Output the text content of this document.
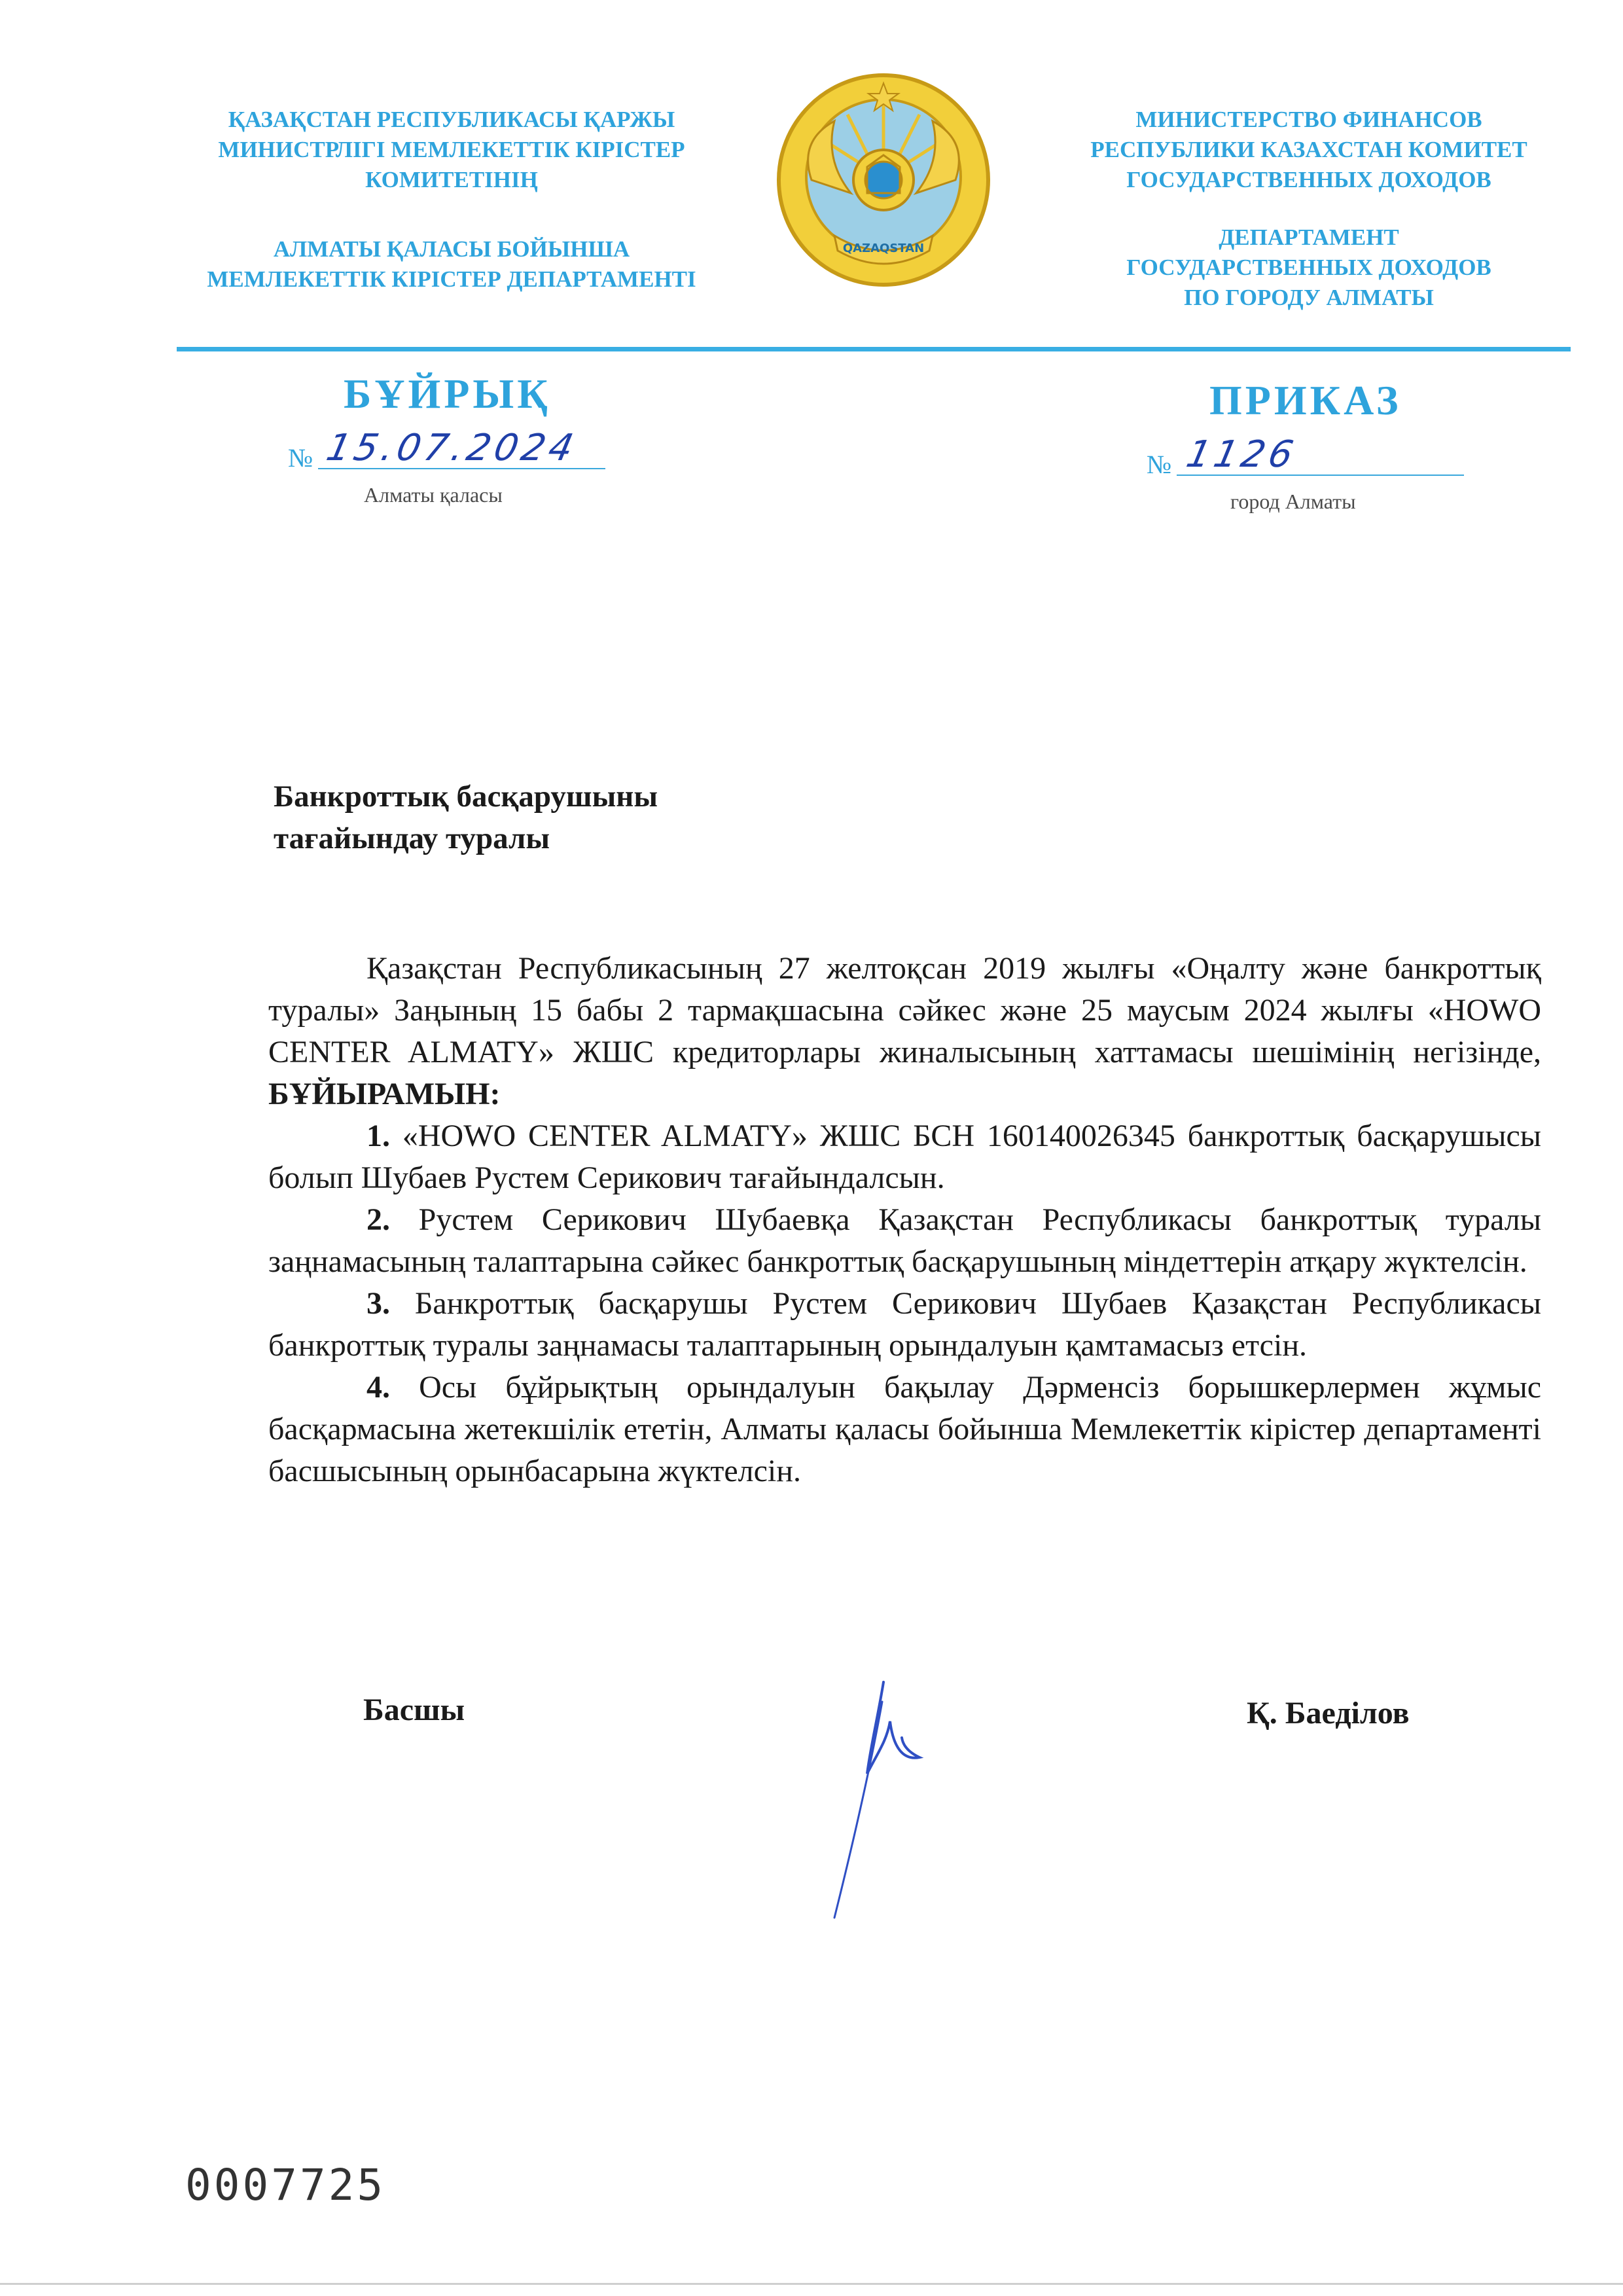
ҚАЗАҚСТАН РЕСПУБЛИКАСЫ ҚАРЖЫ
МИНИСТРЛІГІ МЕМЛЕКЕТТІК КІРІСТЕР
КОМИТЕТІНІҢ
АЛМАТЫ ҚАЛАСЫ БОЙЫНША
МЕМЛЕКЕТТІК КІРІСТЕР ДЕПАРТАМЕНТІ
МИНИСТЕРСТВО ФИНАНСОВ
РЕСПУБЛИКИ КАЗАХСТАН КОМИТЕТ
ГОСУДАРСТВЕННЫХ ДОХОДОВ
ДЕПАРТАМЕНТ
ГОСУДАРСТВЕННЫХ ДОХОДОВ
ПО ГОРОДУ АЛМАТЫ
QAZAQSTAN
БҰЙРЫҚ	ПРИКАЗ
№ 15.07.2024	№ 1126
Алматы қаласы	город Алматы
Банкроттық басқарушыны
тағайындау туралы

Қазақстан Республикасының 27 желтоқсан 2019 жылғы «Оңалту және банкроттық туралы» Заңының 15 бабы 2 тармақшасына сәйкес және 25 маусым 2024 жылғы «HOWO CENTER ALMATY» ЖШС кредиторлары жиналысының хаттамасы шешімінің негізінде, БҰЙЫРАМЫН:

1. «HOWO CENTER ALMATY» ЖШС БСН 160140026345 банкроттық басқарушысы болып Шубаев Рустем Серикович тағайындалсын.

2. Рустем Серикович Шубаевқа Қазақстан Республикасы банкроттық туралы заңнамасының талаптарына сәйкес банкроттық басқарушының міндеттерін атқару жүктелсін.

3. Банкроттық басқарушы Рустем Серикович Шубаев Қазақстан Республикасы банкроттық туралы заңнамасы талаптарының орындалуын қамтамасыз етсін.

4. Осы бұйрықтың орындалуын бақылау Дәрменсіз борышкерлермен жұмыс басқармасына жетекшілік ететін, Алматы қаласы бойынша Мемлекеттік кірістер департаменті басшысының орынбасарына жүктелсін.

Басшы	Қ. Баеділов
0007725
